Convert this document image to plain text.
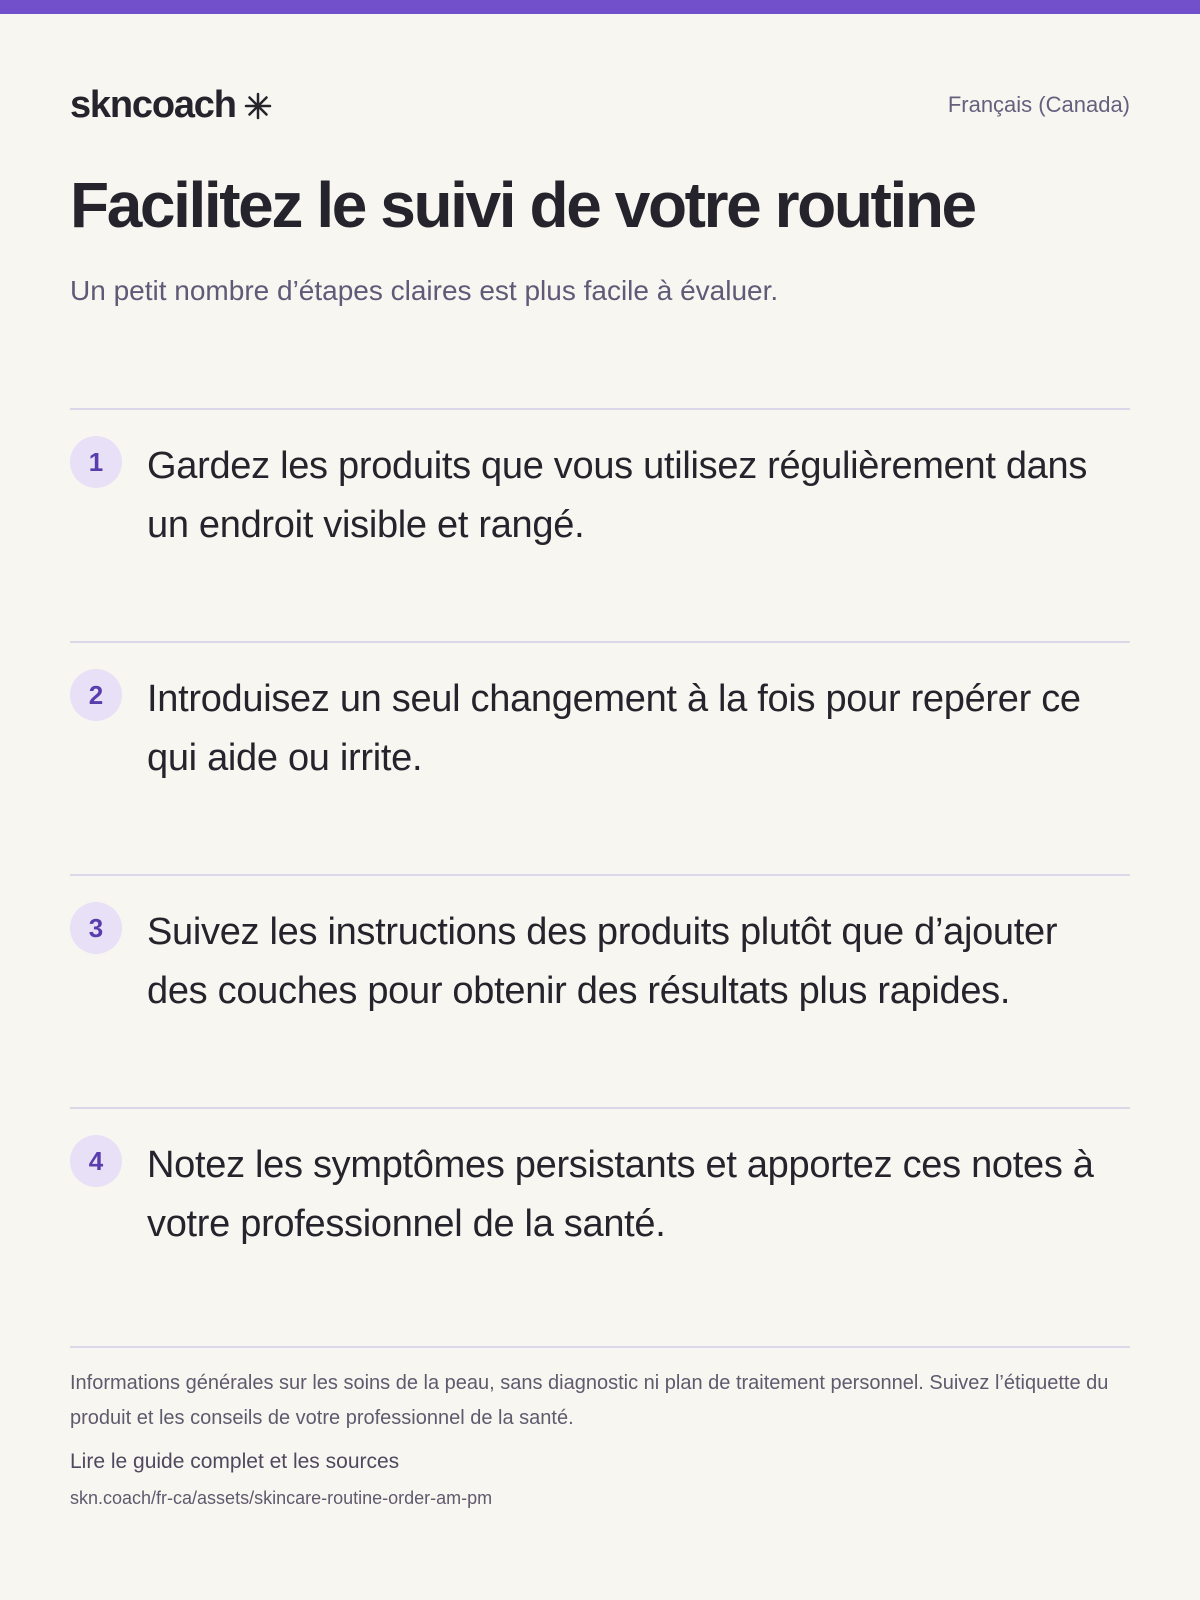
skncoach	Français (Canada)
Facilitez le suivi de votre routine

Un petit nombre d’étapes claires est plus facile à évaluer.

1	Gardez les produits que vous utilisez régulièrement dans un endroit visible et rangé.

2	Introduisez un seul changement à la fois pour repérer ce qui aide ou irrite.

3	Suivez les instructions des produits plutôt que d’ajouter des couches pour obtenir des résultats plus rapides.

4	Notez les symptômes persistants et apportez ces notes à votre professionnel de la santé.

Informations générales sur les soins de la peau, sans diagnostic ni plan de traitement personnel. Suivez l’étiquette du produit et les conseils de votre professionnel de la santé.

Lire le guide complet et les sources

skn.coach/fr-ca/assets/skincare-routine-order-am-pm
